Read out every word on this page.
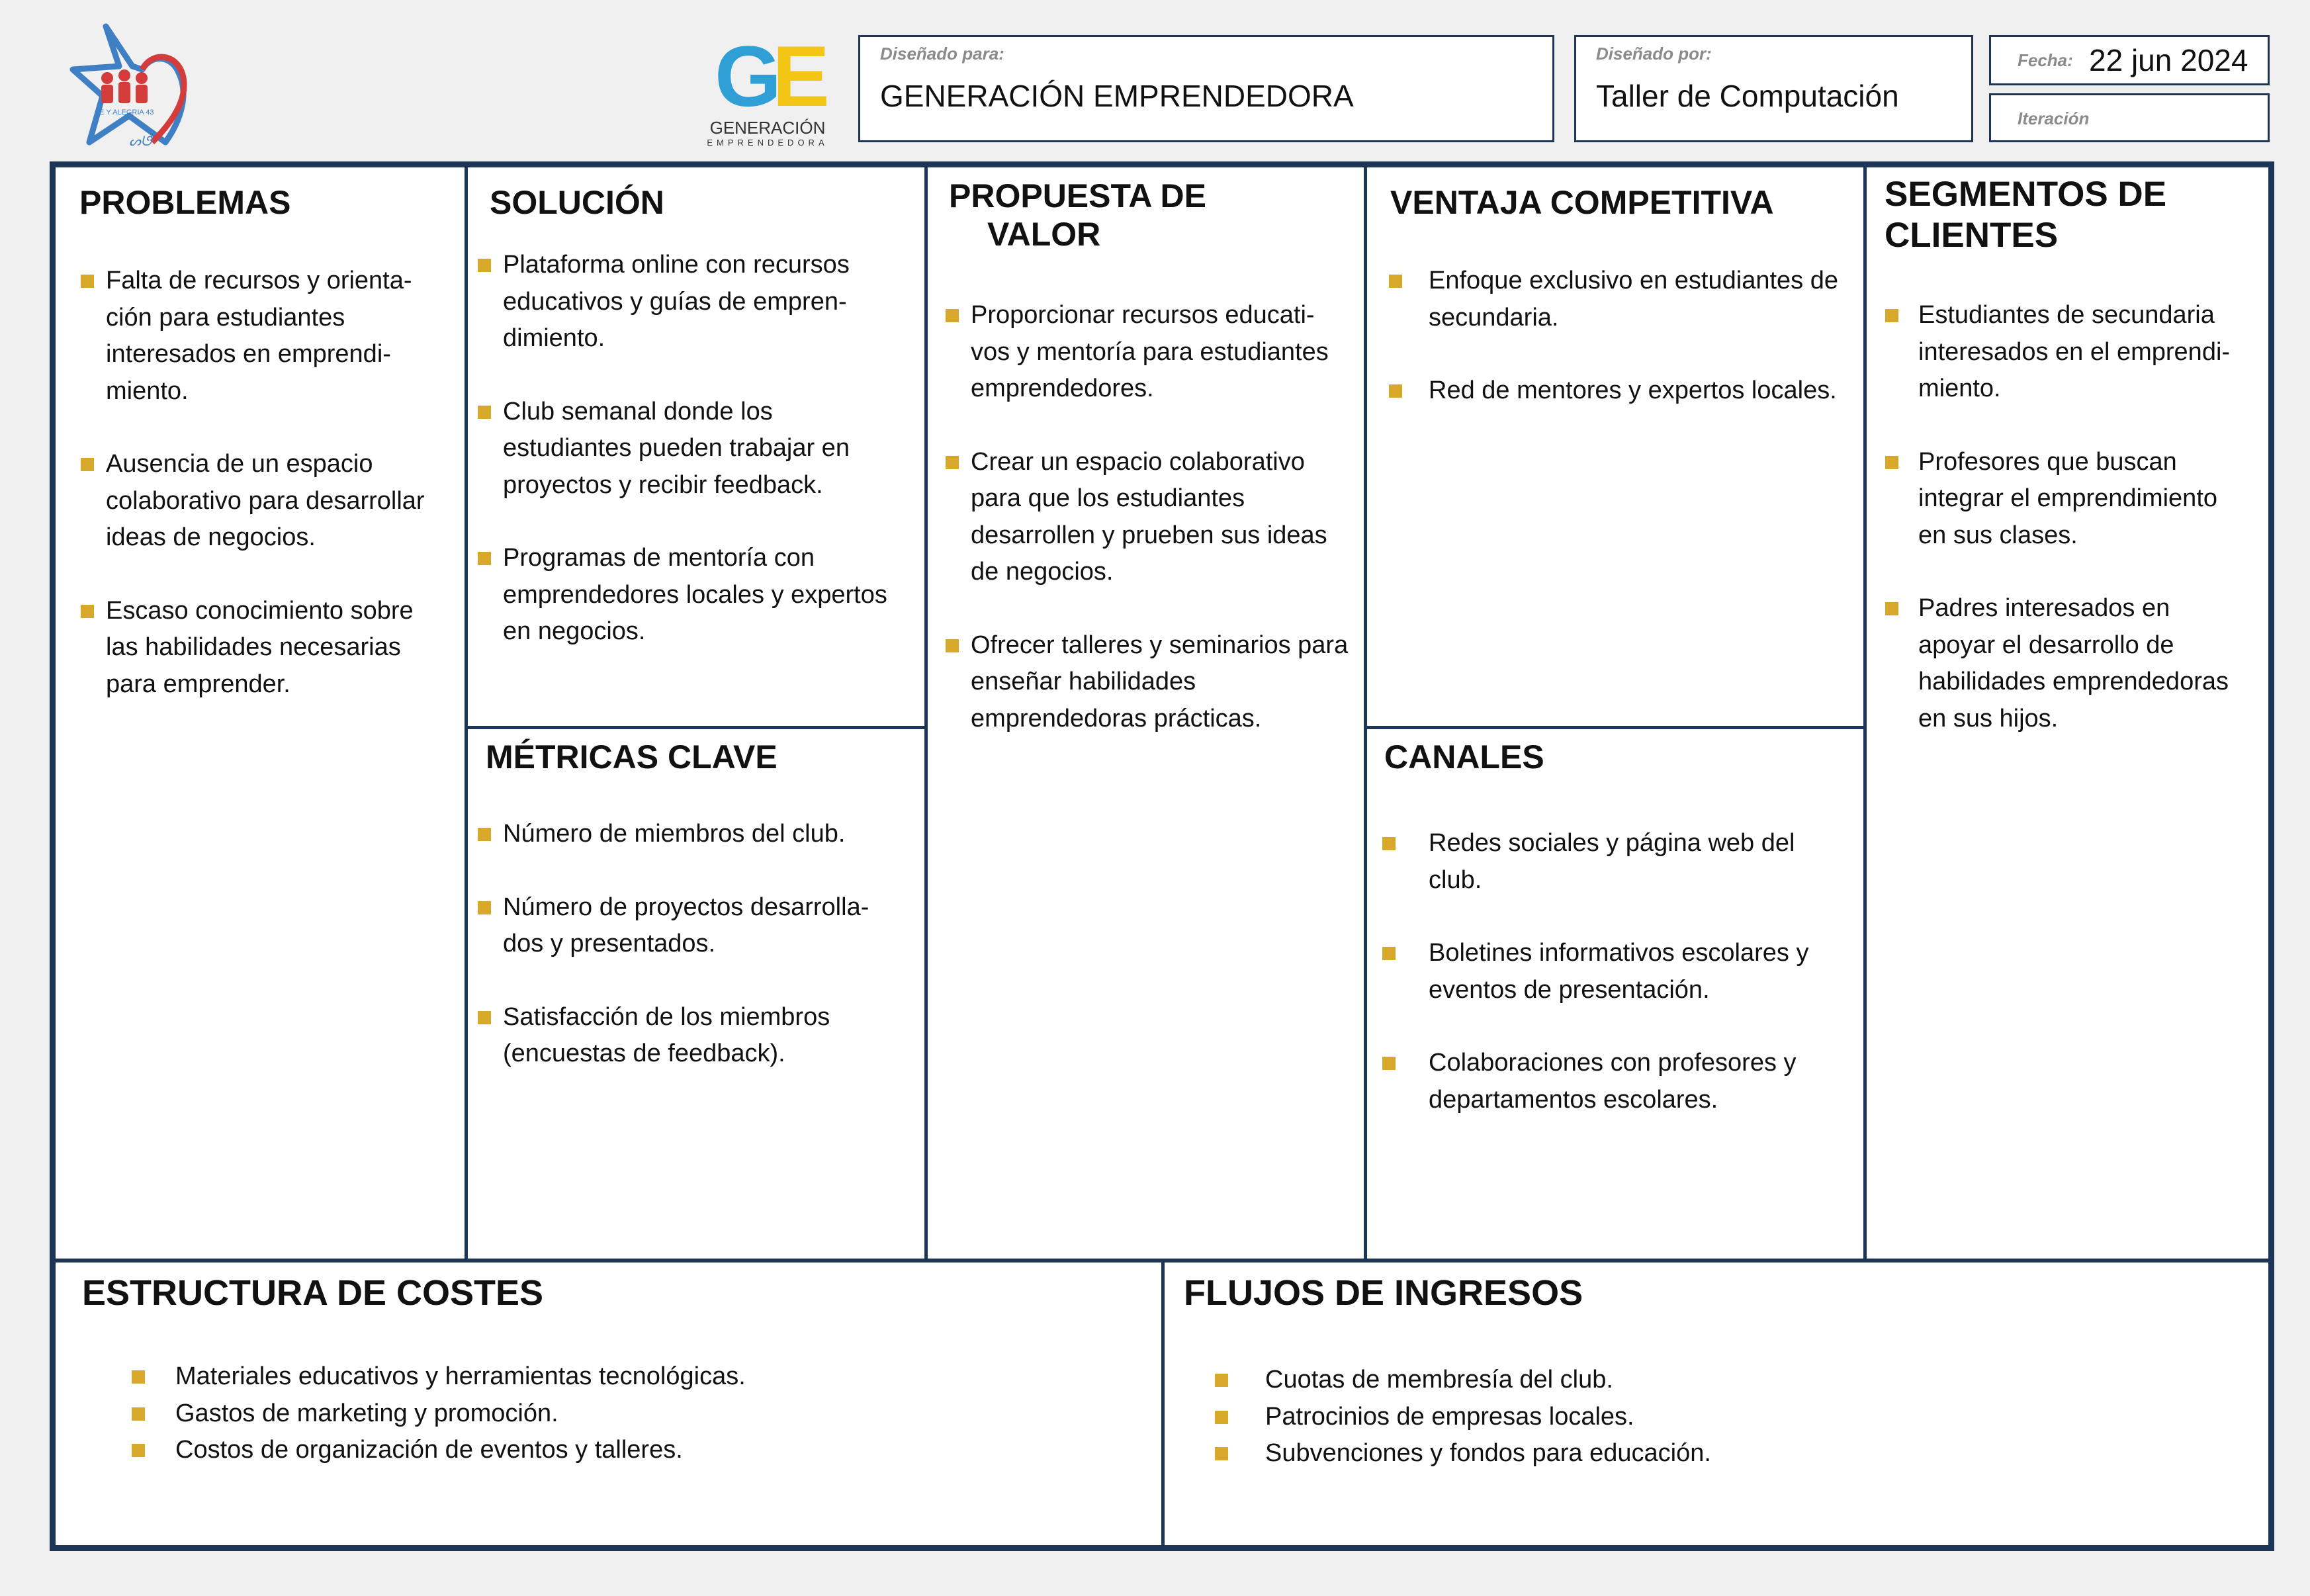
FE Y ALEGRIA 43
ᔕᘎ
GE
GENERACIÓN
EMPRENDEDORA
Diseñado para:
GENERACIÓN EMPRENDEDORA
Diseñado por:
Taller de Computación
Fecha: 22 jun 2024
Iteración
PROBLEMAS
Falta de recursos y orienta-ción para estudiantes interesados en emprendi-miento.
Ausencia de un espacio colaborativo para desarrollar ideas de negocios.
Escaso conocimiento sobre las habilidades necesarias para emprender.
SOLUCIÓN
Plataforma online con recursos educativos y guías de empren-dimiento.
Club semanal donde los estudiantes pueden trabajar en proyectos y recibir feedback.
Programas de mentoría con emprendedores locales y expertos en negocios.
MÉTRICAS CLAVE
Número de miembros del club.
Número de proyectos desarrolla-dos y presentados.
Satisfacción de los miembros (encuestas de feedback).
PROPUESTA DE
VALOR
Proporcionar recursos educati-vos y mentoría para estudiantes emprendedores.
Crear un espacio colaborativo para que los estudiantes desarrollen y prueben sus ideas de negocios.
Ofrecer talleres y seminarios para enseñar habilidades emprendedoras prácticas.
VENTAJA COMPETITIVA
Enfoque exclusivo en estudiantes de secundaria.
Red de mentores y expertos locales.
CANALES
Redes sociales y página web del club.
Boletines informativos escolares y eventos de presentación.
Colaboraciones con profesores y departamentos escolares.
SEGMENTOS DE
CLIENTES
Estudiantes de secundaria interesados en el emprendi-miento.
Profesores que buscan integrar el emprendimiento en sus clases.
Padres interesados en apoyar el desarrollo de habilidades emprendedoras en sus hijos.
ESTRUCTURA DE COSTES
Materiales educativos y herramientas tecnológicas.
Gastos de marketing y promoción.
Costos de organización de eventos y talleres.
FLUJOS DE INGRESOS
Cuotas de membresía del club.
Patrocinios de empresas locales.
Subvenciones y fondos para educación.
